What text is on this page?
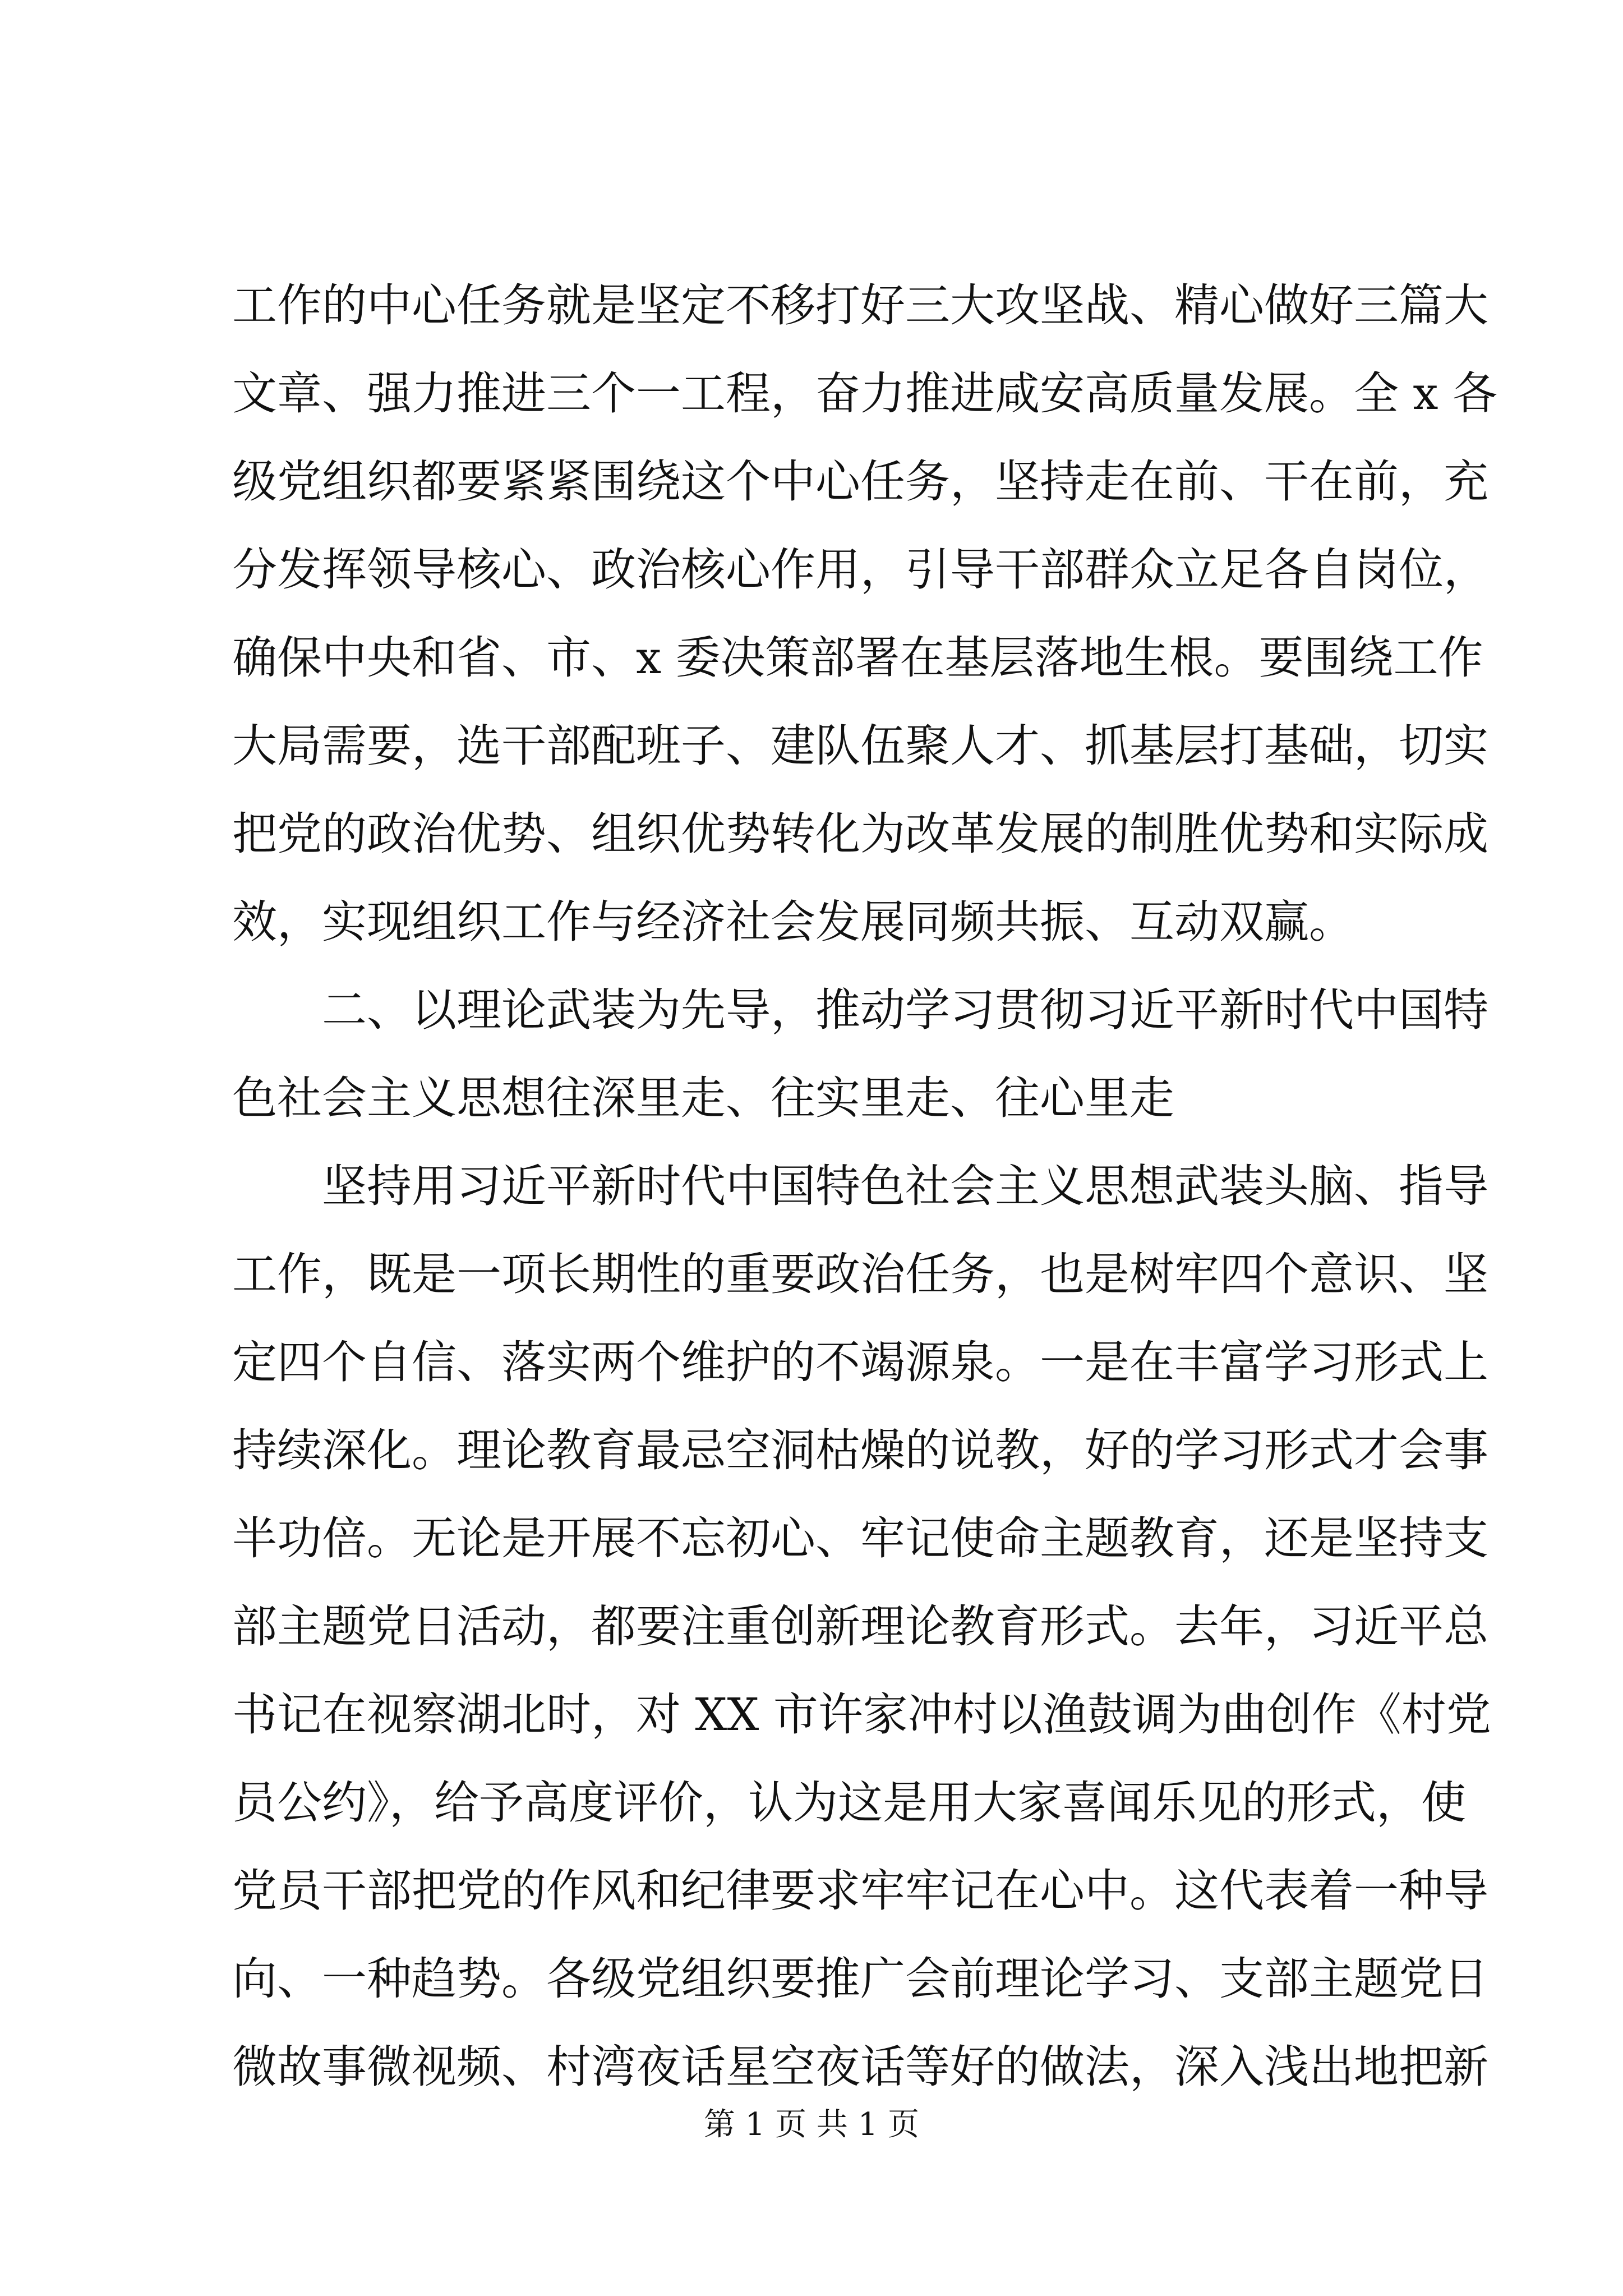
工作的中心任务就是坚定不移打好三大攻坚战、精心做好三篇大
文章、强力推进三个一工程，奋力推进咸安高质量发展。全 x 各
级党组织都要紧紧围绕这个中心任务，坚持走在前、干在前，充
分发挥领导核心、政治核心作用，引导干部群众立足各自岗位，
确保中央和省、市、x 委决策部署在基层落地生根。要围绕工作
大局需要，选干部配班子、建队伍聚人才、抓基层打基础，切实
把党的政治优势、组织优势转化为改革发展的制胜优势和实际成
效，实现组织工作与经济社会发展同频共振、互动双赢。
　　二、以理论武装为先导，推动学习贯彻习近平新时代中国特
色社会主义思想往深里走、往实里走、往心里走
　　坚持用习近平新时代中国特色社会主义思想武装头脑、指导
工作，既是一项长期性的重要政治任务，也是树牢四个意识、坚
定四个自信、落实两个维护的不竭源泉。一是在丰富学习形式上
持续深化。理论教育最忌空洞枯燥的说教，好的学习形式才会事
半功倍。无论是开展不忘初心、牢记使命主题教育，还是坚持支
部主题党日活动，都要注重创新理论教育形式。去年，习近平总
书记在视察湖北时，对 XX 市许家冲村以渔鼓调为曲创作《村党
员公约》，给予高度评价，认为这是用大家喜闻乐见的形式，使
党员干部把党的作风和纪律要求牢牢记在心中。这代表着一种导
向、一种趋势。各级党组织要推广会前理论学习、支部主题党日
微故事微视频、村湾夜话星空夜话等好的做法，深入浅出地把新
第 1 页 共 1 页
